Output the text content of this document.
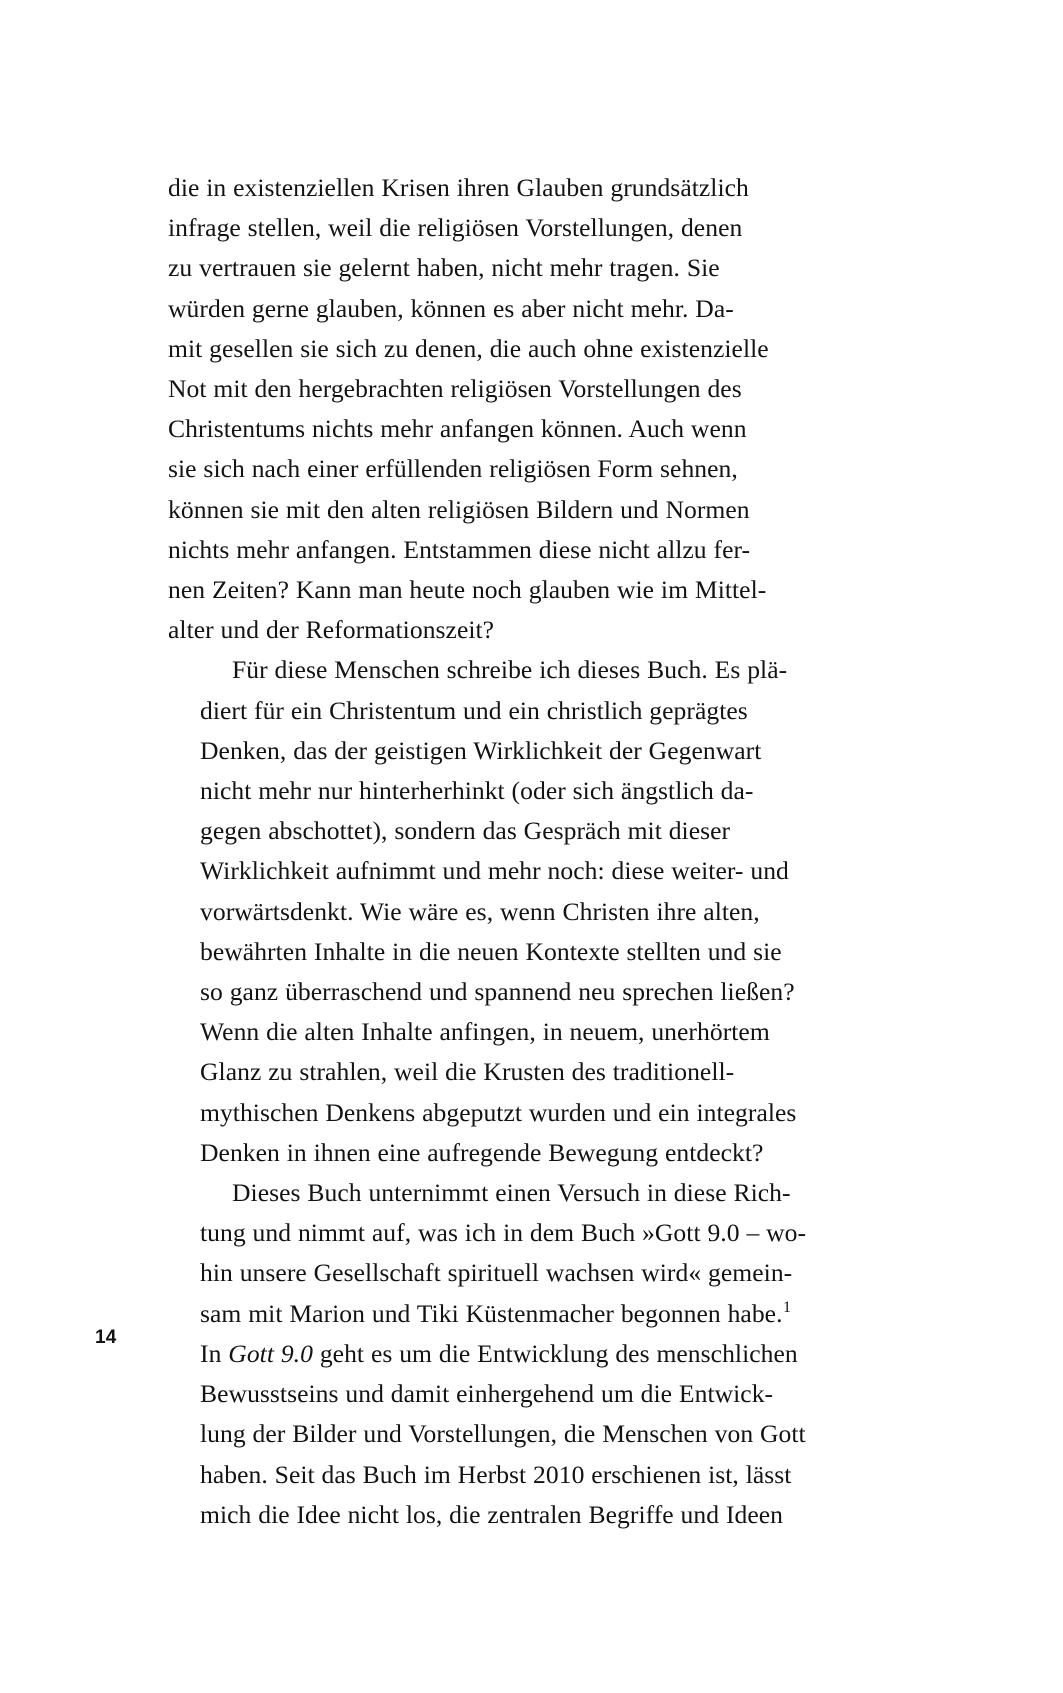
die in existenziellen Krisen ihren Glauben grundsätzlich
infrage stellen, weil die religiösen Vorstellungen, denen
zu vertrauen sie gelernt haben, nicht mehr tragen. Sie
würden gerne glauben, können es aber nicht mehr. Da-
mit gesellen sie sich zu denen, die auch ohne existenzielle
Not mit den hergebrachten religiösen Vorstellungen des
Christentums nichts mehr anfangen können. Auch wenn
sie sich nach einer erfüllenden religiösen Form sehnen,
können sie mit den alten religiösen Bildern und Normen
nichts mehr anfangen. Entstammen diese nicht allzu fer-
nen Zeiten? Kann man heute noch glauben wie im Mittel-
alter und der Reformationszeit?

Für diese Menschen schreibe ich dieses Buch. Es plä-
diert für ein Christentum und ein christlich geprägtes
Denken, das der geistigen Wirklichkeit der Gegenwart
nicht mehr nur hinterherhinkt (oder sich ängstlich da-
gegen abschottet), sondern das Gespräch mit dieser
Wirklichkeit aufnimmt und mehr noch: diese weiter- und
vorwärtsdenkt. Wie wäre es, wenn Christen ihre alten,
bewährten Inhalte in die neuen Kontexte stellten und sie
so ganz überraschend und spannend neu sprechen ließen?
Wenn die alten Inhalte anfingen, in neuem, unerhörtem
Glanz zu strahlen, weil die Krusten des traditionell-
mythischen Denkens abgeputzt wurden und ein integrales
Denken in ihnen eine aufregende Bewegung entdeckt?

Dieses Buch unternimmt einen Versuch in diese Rich-
tung und nimmt auf, was ich in dem Buch »Gott 9.0 – wo-
hin unsere Gesellschaft spirituell wachsen wird« gemein-
sam mit Marion und Tiki Küstenmacher begonnen habe.$^1$
In Gott 9.0 geht es um die Entwicklung des menschlichen
Bewusstseins und damit einhergehend um die Entwick-
lung der Bilder und Vorstellungen, die Menschen von Gott
haben. Seit das Buch im Herbst 2010 erschienen ist, lässt
mich die Idee nicht los, die zentralen Begriffe und Ideen

14
